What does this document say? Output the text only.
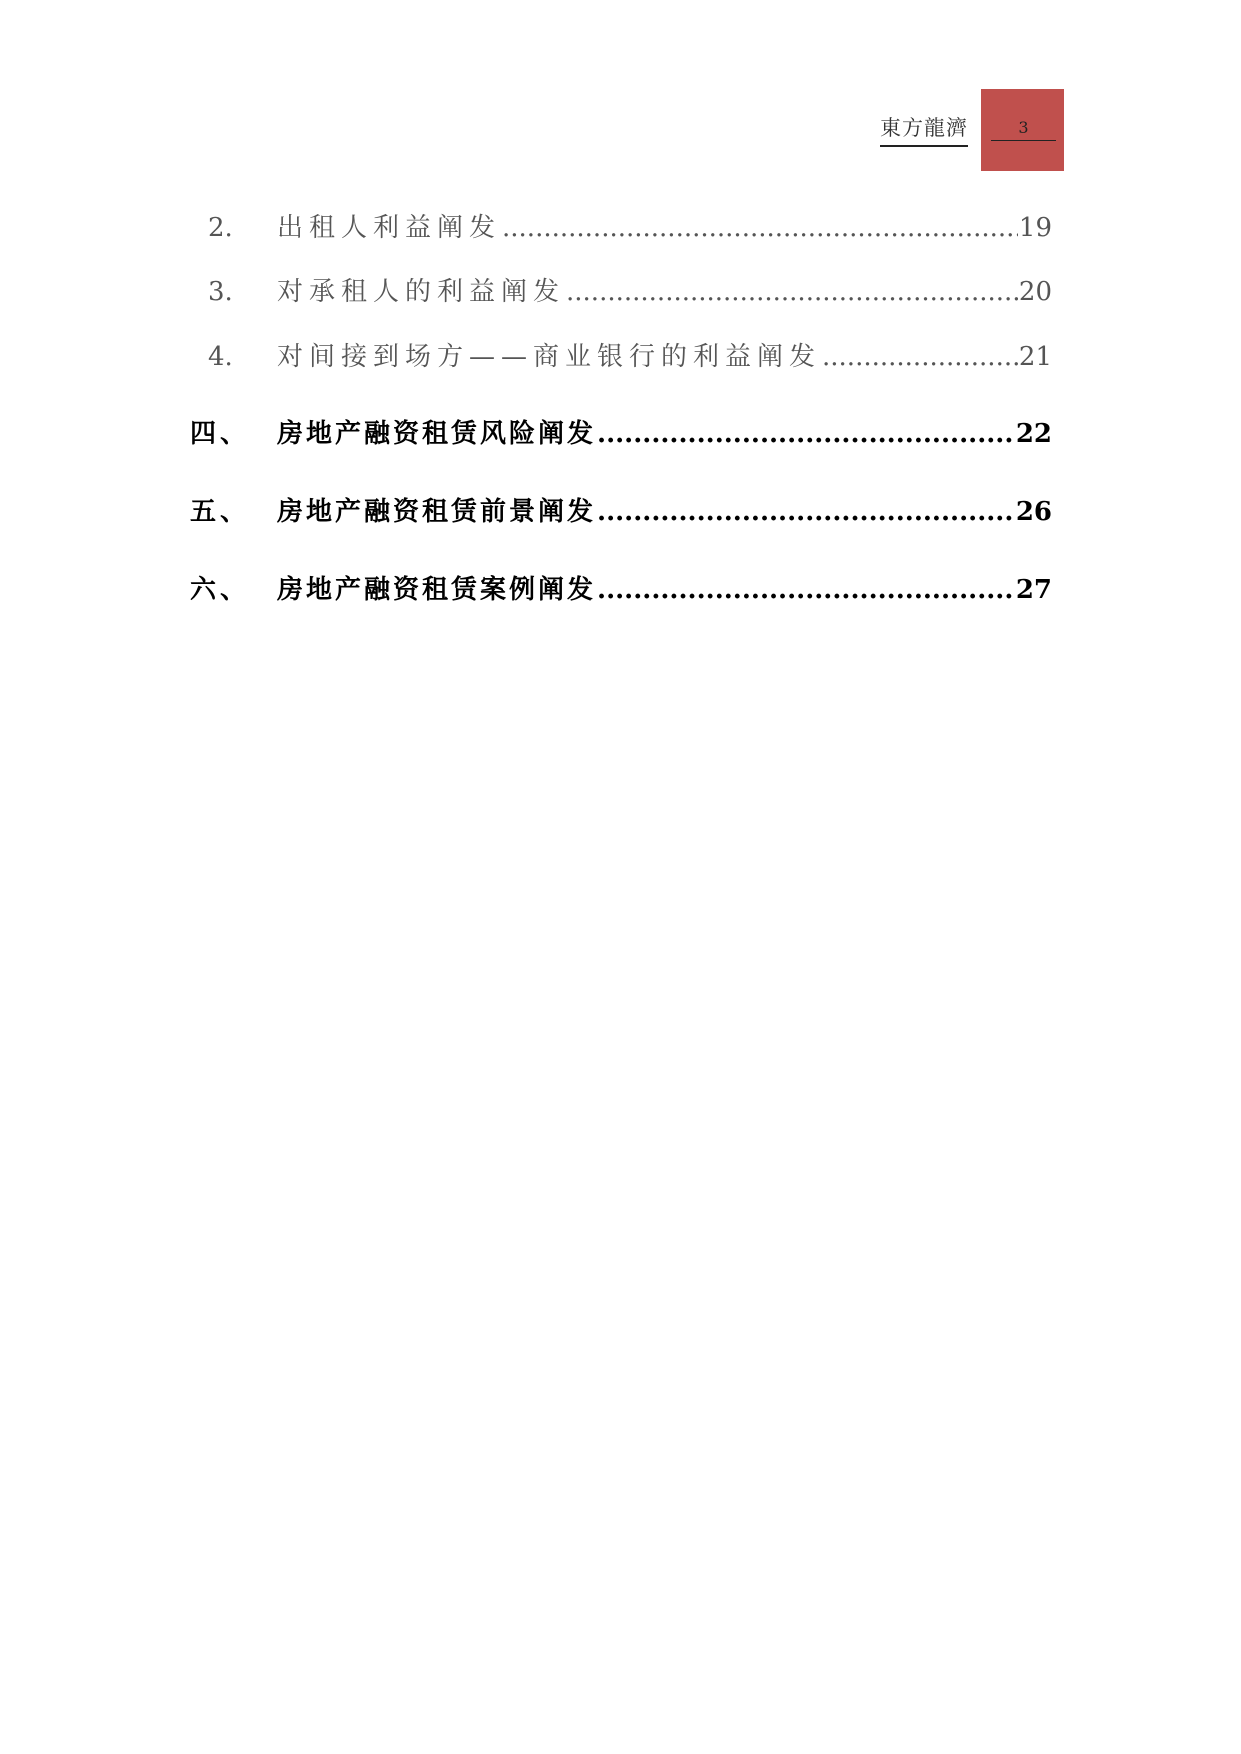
東方龍濟	3
2. 出租人利益阐发 .....	19
3. 对承租人的利益阐发 .....	20
4. 对间接到场方——商业银行的利益阐发 .....	21
四、 房地产融资租赁风险阐发 .....	22
五、 房地产融资租赁前景阐发 .....	26
六、 房地产融资租赁案例阐发 .....	27
